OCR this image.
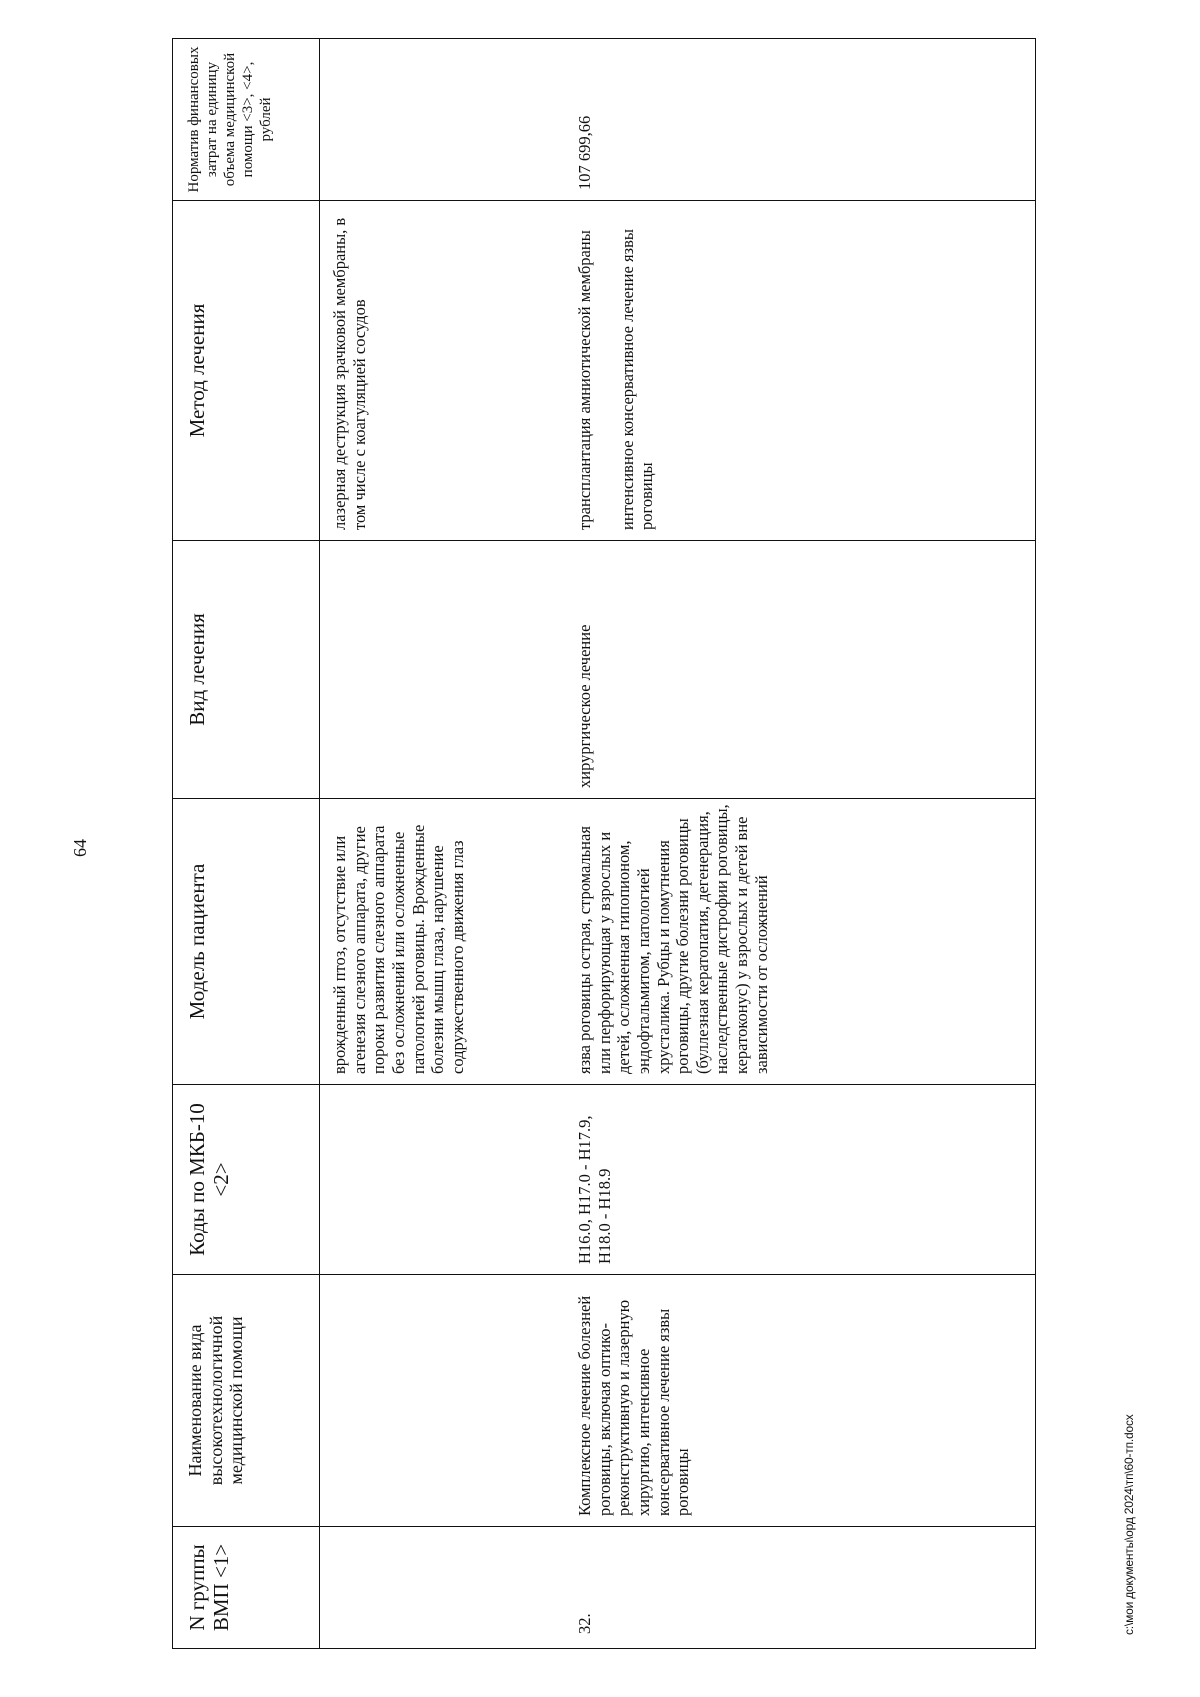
64

N группы ВМП <1>	Наименование вида высокотехнологичной медицинской помощи	Коды по МКБ-10 <2>	Модель пациента	Вид лечения	Метод лечения	Норматив финансовых затрат на единицу объема медицинской помощи <3>, <4>, рублей
			врожденный птоз, отсутствие или агенезия слезного аппарата, другие пороки развития слезного аппарата без осложнений или осложненные патологией роговицы. Врожденные болезни мышц глаза, нарушение содружественного движения глаз		лазерная деструкция зрачковой мембраны, в том числе с коагуляцией сосудов	

32.	Комплексное лечение болезней роговицы, включая оптико-реконструктивную и лазерную хирургию, интенсивное консервативное лечение язвы роговицы	H16.0, H17.0 - H17.9, H18.0 - H18.9	язва роговицы острая, стромальная или перфорирующая у взрослых и детей, осложненная гипопионом, эндофтальмитом, патологией хрусталика. Рубцы и помутнения роговицы, другие болезни роговицы (буллезная кератопатия, дегенерация, наследственные дистрофии роговицы, кератоконус) у взрослых и детей вне зависимости от осложнений	хирургическое лечение	трансплантация амниотической мембраны интенсивное консервативное лечение язвы роговицы	107 699,66

c:\мои документы\орд 2024\тп\60-тп.docx
